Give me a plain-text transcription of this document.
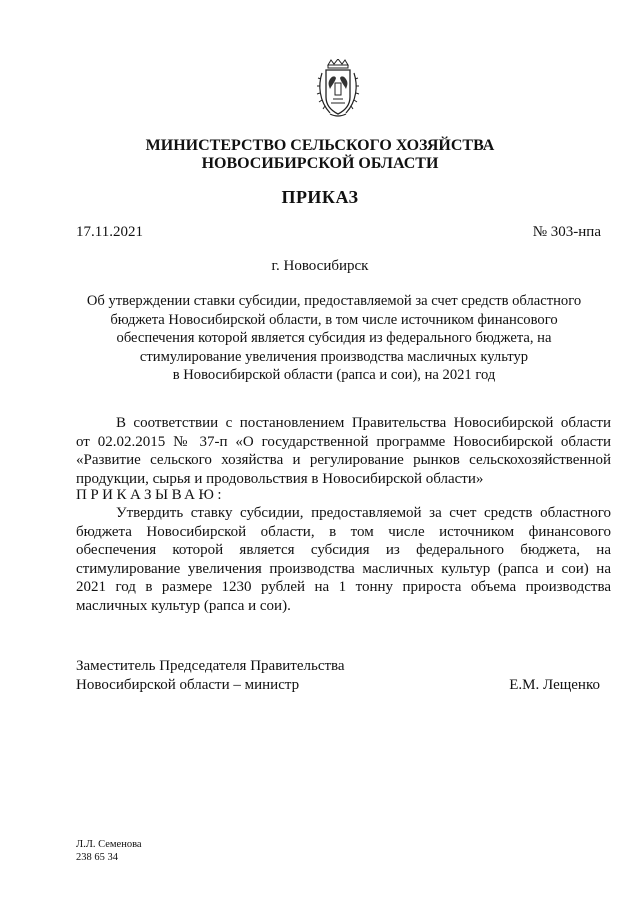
МИНИСТЕРСТВО СЕЛЬСКОГО ХОЗЯЙСТВА

НОВОСИБИРСКОЙ ОБЛАСТИ

ПРИКАЗ

17.11.2021	№ 303-нпа
г. Новосибирск
Об утверждении ставки субсидии, предоставляемой за счет средств областного
бюджета Новосибирской области, в том числе источником финансового
обеспечения которой является субсидия из федерального бюджета, на
стимулирование увеличения производства масличных культур
в Новосибирской области (рапса и сои), на 2021 год
В соответствии с постановлением Правительства Новосибирской области
от 02.02.2015 № 37-п «О государственной программе Новосибирской области
«Развитие сельского хозяйства и регулирование рынков сельскохозяйственной
продукции, сырья и продовольствия в Новосибирской области»
ПРИКАЗЫВАЮ:
Утвердить ставку субсидии, предоставляемой за счет средств областного
бюджета Новосибирской области, в том числе источником финансового
обеспечения которой является субсидия из федерального бюджета, на
стимулирование увеличения производства масличных культур (рапса и сои) на
2021 год в размере 1230 рублей на 1 тонну прироста объема производства
масличных культур (рапса и сои).
Заместитель Председателя Правительства
Новосибирской области – министр	Е.М. Лещенко
Л.Л. Семенова
238 65 34
